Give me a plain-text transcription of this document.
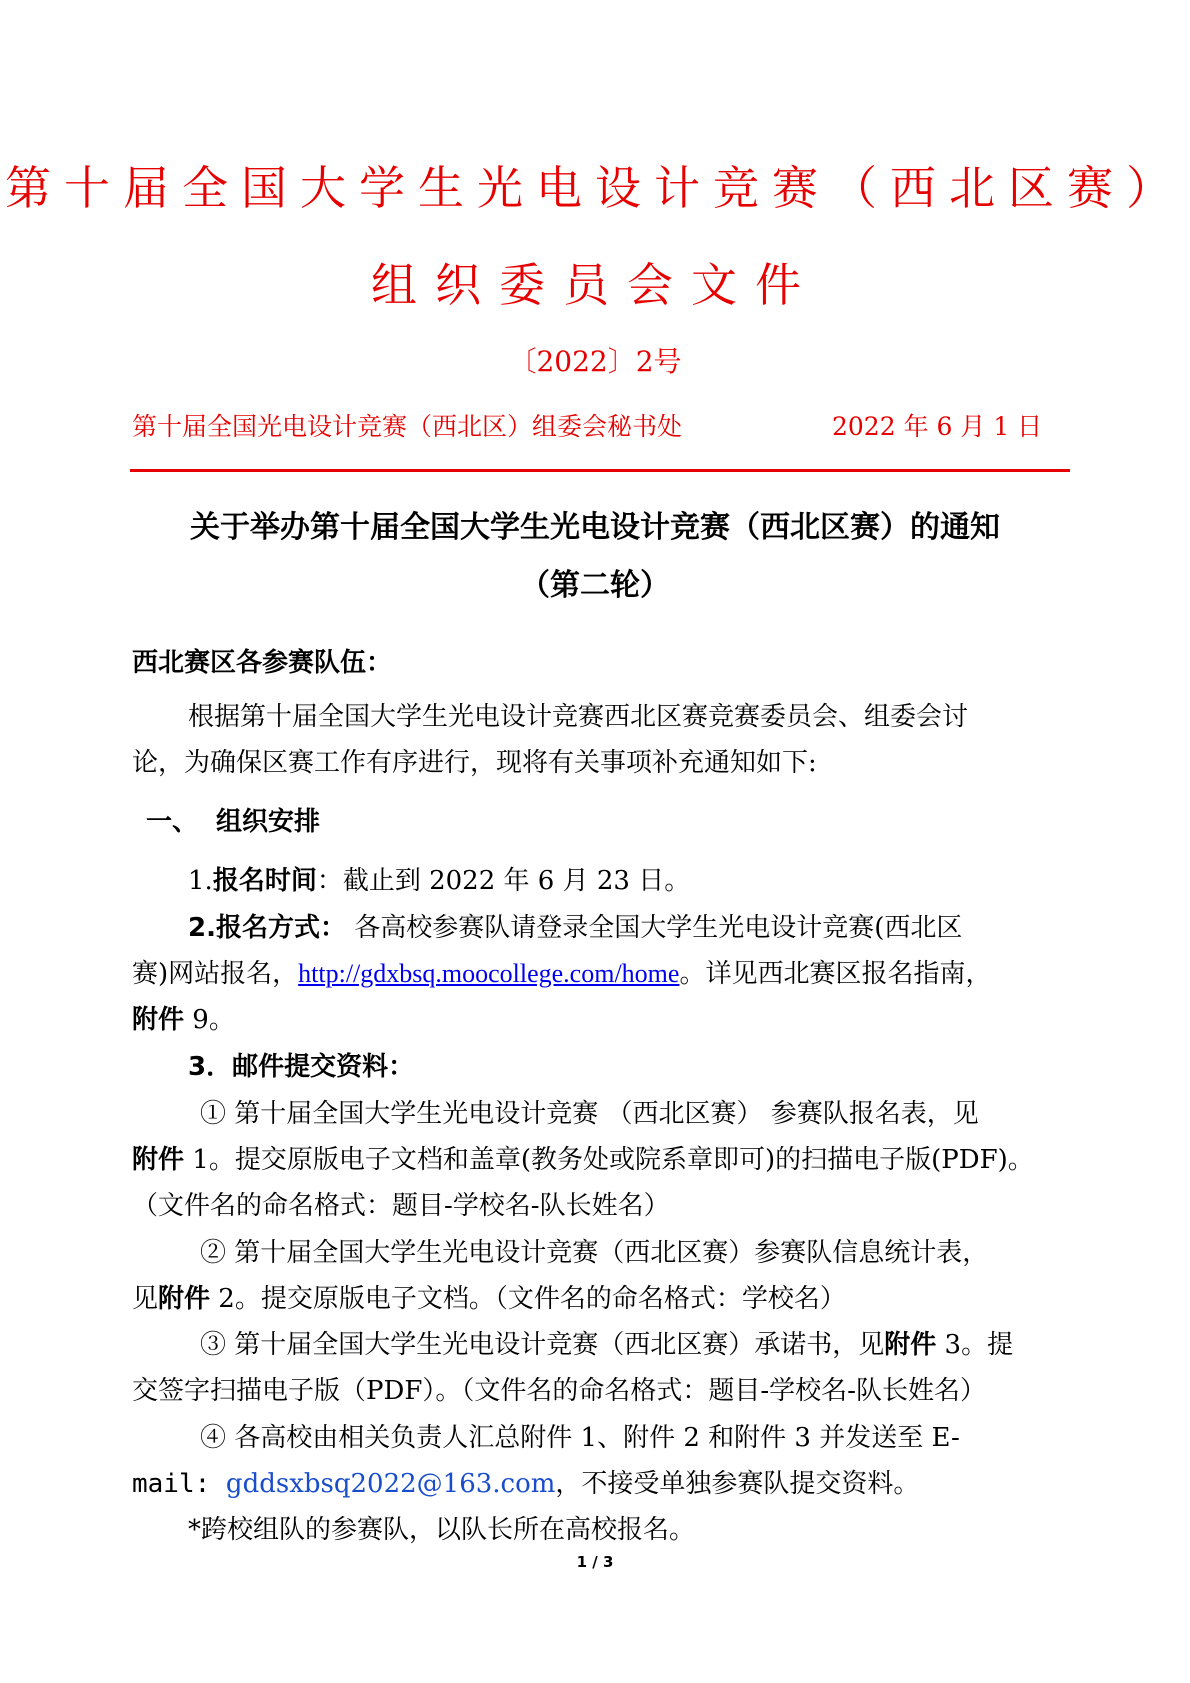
第十届全国大学生光电设计竞赛（西北区赛）
组织委员会文件
〔2022〕2号
第十届全国光电设计竞赛（西北区）组委会秘书处	2022 年 6 月 1 日
关于举办第十届全国大学生光电设计竞赛（西北区赛）的通知
（第二轮）
西北赛区各参赛队伍：
根据第十届全国大学生光电设计竞赛西北区赛竞赛委员会、组委会讨
论，为确保区赛工作有序进行，现将有关事项补充通知如下:
一、 组织安排
1.报名时间：截止到 2022 年 6 月 23 日。
2.报名方式： 各高校参赛队请登录全国大学生光电设计竞赛(西北区
赛)网站报名，http://gdxbsq.moocollege.com/home。详见西北赛区报名指南，
附件 9。
3．邮件提交资料：
① 第十届全国大学生光电设计竞赛 （西北区赛） 参赛队报名表，见
附件 1。提交原版电子文档和盖章(教务处或院系章即可)的扫描电子版(PDF)。
（文件名的命名格式：题目-学校名-队长姓名）
② 第十届全国大学生光电设计竞赛（西北区赛）参赛队信息统计表，
见附件 2。提交原版电子文档。（文件名的命名格式：学校名）
③ 第十届全国大学生光电设计竞赛（西北区赛）承诺书，见附件 3。提
交签字扫描电子版（PDF）。（文件名的命名格式：题目-学校名-队长姓名）
④ 各高校由相关负责人汇总附件 1、附件 2 和附件 3 并发送至 E-
mail: gddsxbsq2022@163.com，不接受单独参赛队提交资料。
*跨校组队的参赛队，以队长所在高校报名。
1 / 3
